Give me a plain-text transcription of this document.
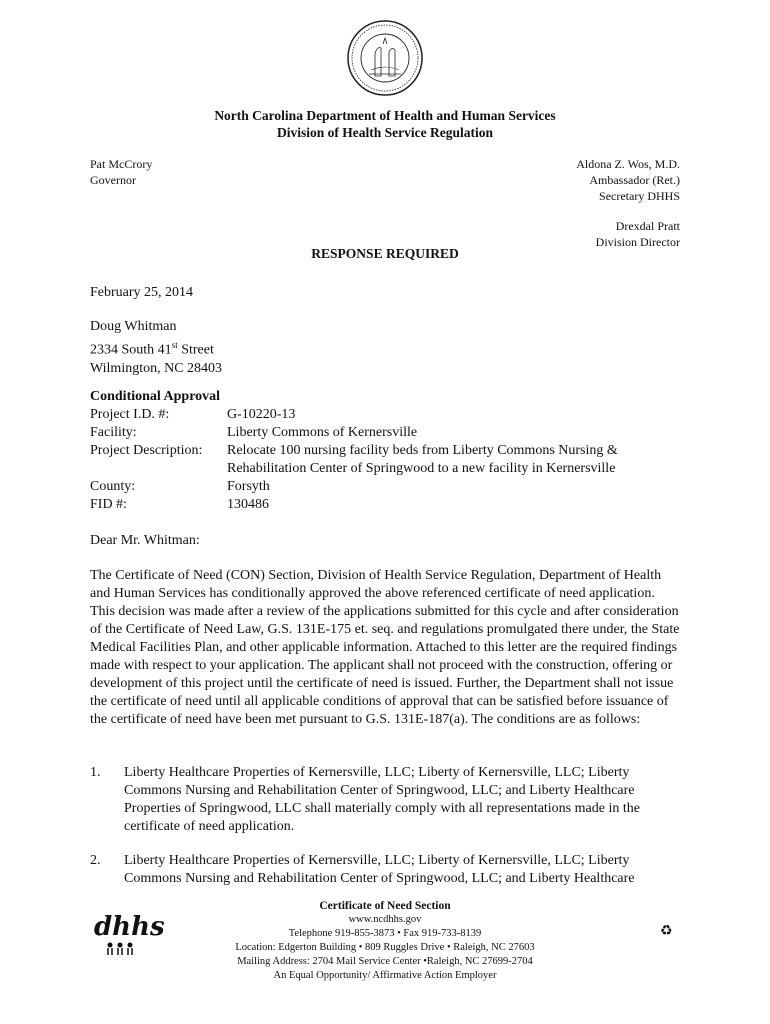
North Carolina Department of Health and Human Services
Division of Health Service Regulation
Pat McCrory
Governor
Aldona Z. Wos, M.D.
Ambassador (Ret.)
Secretary DHHS
Drexdal Pratt
Division Director
RESPONSE REQUIRED
February 25, 2014
Doug Whitman
2334 South 41st Street
Wilmington, NC 28403
Conditional Approval
Project I.D. #:	G-10220-13
Facility:	Liberty Commons of Kernersville
Project Description:	Relocate 100 nursing facility beds from Liberty Commons Nursing & Rehabilitation Center of Springwood to a new facility in Kernersville
County:	Forsyth
FID #:	130486
Dear Mr. Whitman:
The Certificate of Need (CON) Section, Division of Health Service Regulation, Department of Health and Human Services has conditionally approved the above referenced certificate of need application. This decision was made after a review of the applications submitted for this cycle and after consideration of the Certificate of Need Law, G.S. 131E-175 et. seq. and regulations promulgated there under, the State Medical Facilities Plan, and other applicable information. Attached to this letter are the required findings made with respect to your application. The applicant shall not proceed with the construction, offering or development of this project until the certificate of need is issued. Further, the Department shall not issue the certificate of need until all applicable conditions of approval that can be satisfied before issuance of the certificate of need have been met pursuant to G.S. 131E-187(a). The conditions are as follows:
1.	Liberty Healthcare Properties of Kernersville, LLC; Liberty of Kernersville, LLC; Liberty Commons Nursing and Rehabilitation Center of Springwood, LLC; and Liberty Healthcare Properties of Springwood, LLC shall materially comply with all representations made in the certificate of need application.
2.	Liberty Healthcare Properties of Kernersville, LLC; Liberty of Kernersville, LLC; Liberty Commons Nursing and Rehabilitation Center of Springwood, LLC; and Liberty Healthcare
dhhs
Certificate of Need Section
www.ncdhhs.gov
Telephone 919-855-3873 • Fax 919-733-8139
Location: Edgerton Building • 809 Ruggles Drive • Raleigh, NC 27603
Mailing Address: 2704 Mail Service Center •Raleigh, NC 27699-2704
An Equal Opportunity/ Affirmative Action Employer
♻
